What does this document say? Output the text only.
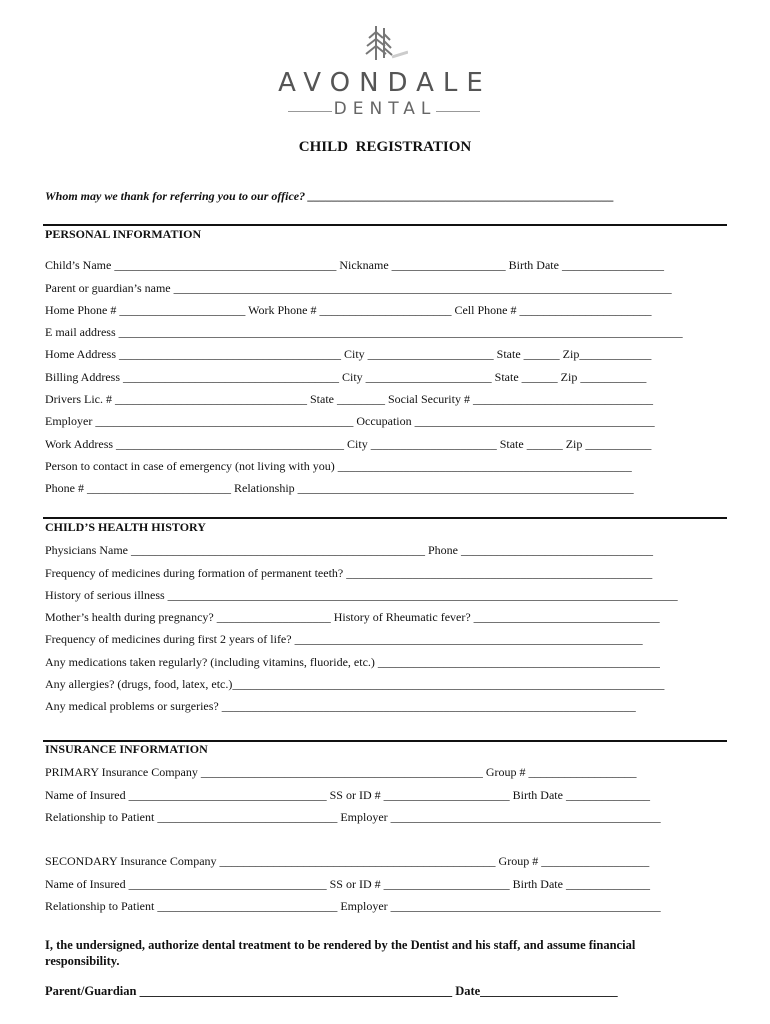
AVONDALE
DENTAL
CHILD REGISTRATION
Whom may we thank for referring you to our office? ___________________________________________________
PERSONAL INFORMATION
Child’s Name _____________________________________ Nickname ___________________ Birth Date _________________
Parent or guardian’s name ___________________________________________________________________________________
Home Phone # _____________________ Work Phone # ______________________ Cell Phone # ______________________
E mail address ______________________________________________________________________________________________
Home Address _____________________________________ City _____________________ State ______ Zip____________
Billing Address ____________________________________ City _____________________ State ______ Zip ___________
Drivers Lic. # ________________________________ State ________ Social Security # ______________________________
Employer ___________________________________________ Occupation ________________________________________
Work Address ______________________________________ City _____________________ State ______ Zip ___________
Person to contact in case of emergency (not living with you) _________________________________________________
Phone # ________________________ Relationship ________________________________________________________
CHILD’S HEALTH HISTORY
Physicians Name _________________________________________________ Phone ________________________________
Frequency of medicines during formation of permanent teeth? ___________________________________________________
History of serious illness _____________________________________________________________________________________
Mother’s health during pregnancy? ___________________ History of Rheumatic fever? _______________________________
Frequency of medicines during first 2 years of life? __________________________________________________________
Any medications taken regularly? (including vitamins, fluoride, etc.) _______________________________________________
Any allergies? (drugs, food, latex, etc.)________________________________________________________________________
Any medical problems or surgeries? _____________________________________________________________________
INSURANCE INFORMATION
PRIMARY Insurance Company _______________________________________________ Group # __________________
Name of Insured _________________________________ SS or ID # _____________________ Birth Date ______________
Relationship to Patient ______________________________ Employer _____________________________________________
SECONDARY Insurance Company ______________________________________________ Group # __________________
Name of Insured _________________________________ SS or ID # _____________________ Birth Date ______________
Relationship to Patient ______________________________ Employer _____________________________________________
I, the undersigned, authorize dental treatment to be rendered by the Dentist and his staff, and assume financial responsibility.
Parent/Guardian __________________________________________________ Date______________________
